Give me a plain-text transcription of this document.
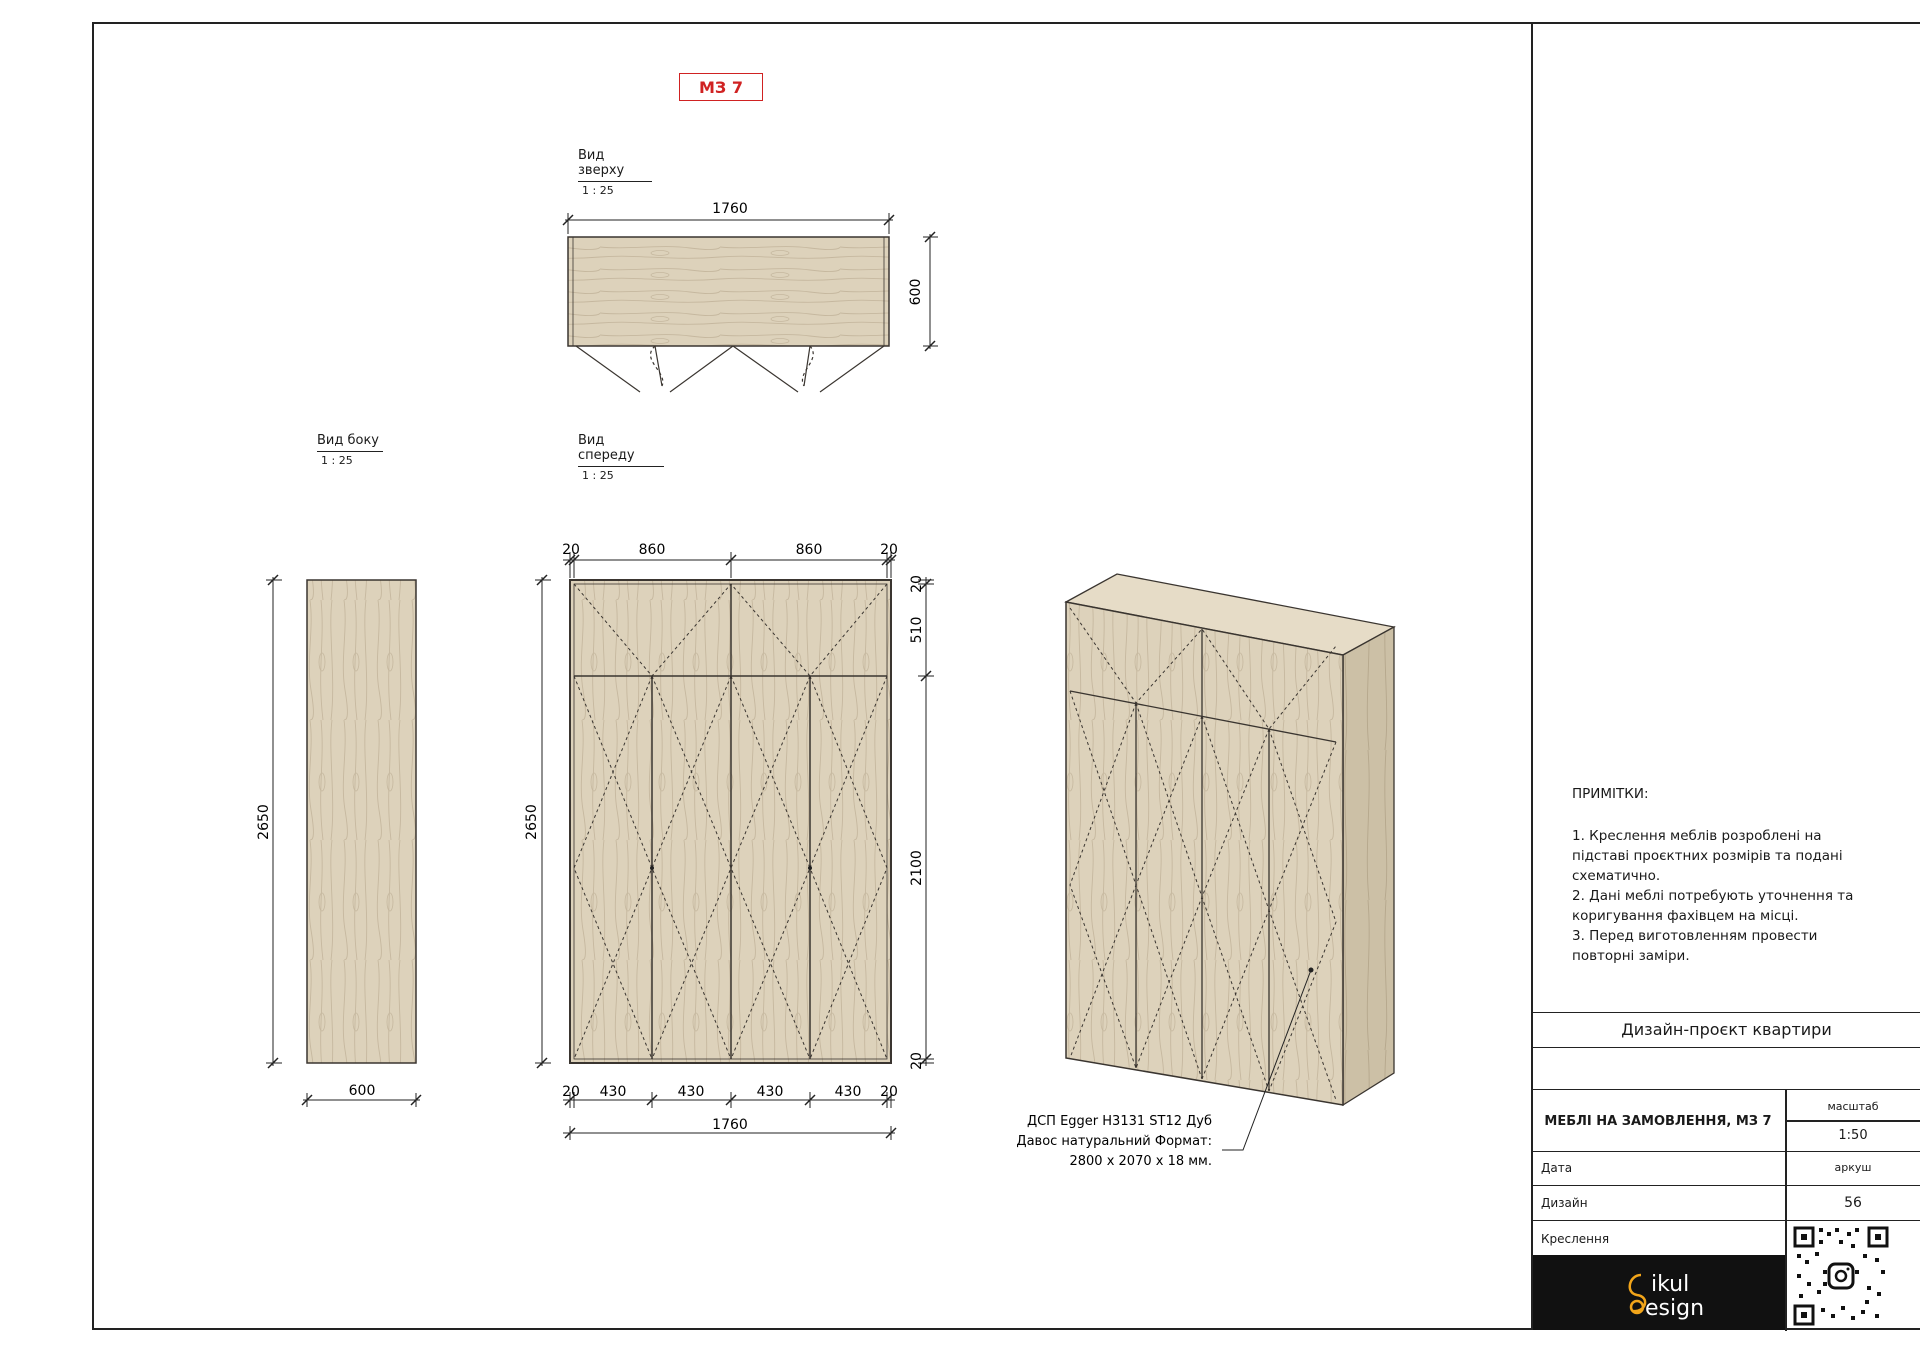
МЗ 7
Вид зверху
1 : 25
Вид боку
1 : 25
Вид спереду
1 : 25
1760
600
2650
600
20	860	860	20
2650
20
510
2100
20
20 430	430	430	430 20
1760	ДСП Egger H3131 ST12 Дуб
Давос натуральний Формат:
2800 x 2070 x 18 мм.
ПРИМІТКИ:
1. Креслення меблів розроблені на підставі проєктних розмірів та подані схематично.
2. Дані меблі потребують уточнення та коригування фахівцем на місці.
3. Перед виготовленням провести повторні заміри.
Дизайн-проєкт квартири
МЕБЛІ НА ЗАМОВЛЕННЯ, МЗ 7
масштаб
1:50
Дата	аркуш
Дизайн	56
Креслення
ikul
esign
